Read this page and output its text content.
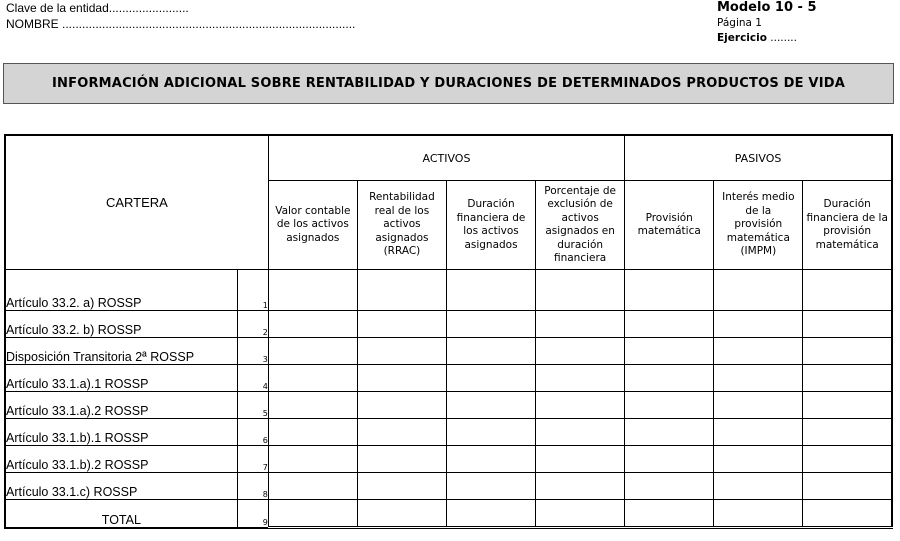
Clave de la entidad........................
NOMBRE ........................................................................................
Modelo 10 - 5
Página 1
Ejercicio ........
INFORMACIÓN ADICIONAL SOBRE RENTABILIDAD Y DURACIONES DE DETERMINADOS PRODUCTOS DE VIDA
CARTERA		ACTIVOS				PASIVOS		
		Valor contable de los activos asignados	Rentabilidad real de los activos asignados (RRAC)	Duración financiera de los activos asignados	Porcentaje de exclusión de activos asignados en duración financiera	Provisión matemática	Interés medio de la provisión matemática (IMPM)	Duración financiera de la provisión matemática
Artículo 33.2. a) ROSSP	1							
Artículo 33.2. b) ROSSP	2							
Disposición Transitoria 2ª ROSSP	3							
Artículo 33.1.a).1 ROSSP	4							
Artículo 33.1.a).2 ROSSP	5							
Artículo 33.1.b).1 ROSSP	6							
Artículo 33.1.b).2 ROSSP	7							
Artículo 33.1.c) ROSSP	8							
TOTAL	9							
